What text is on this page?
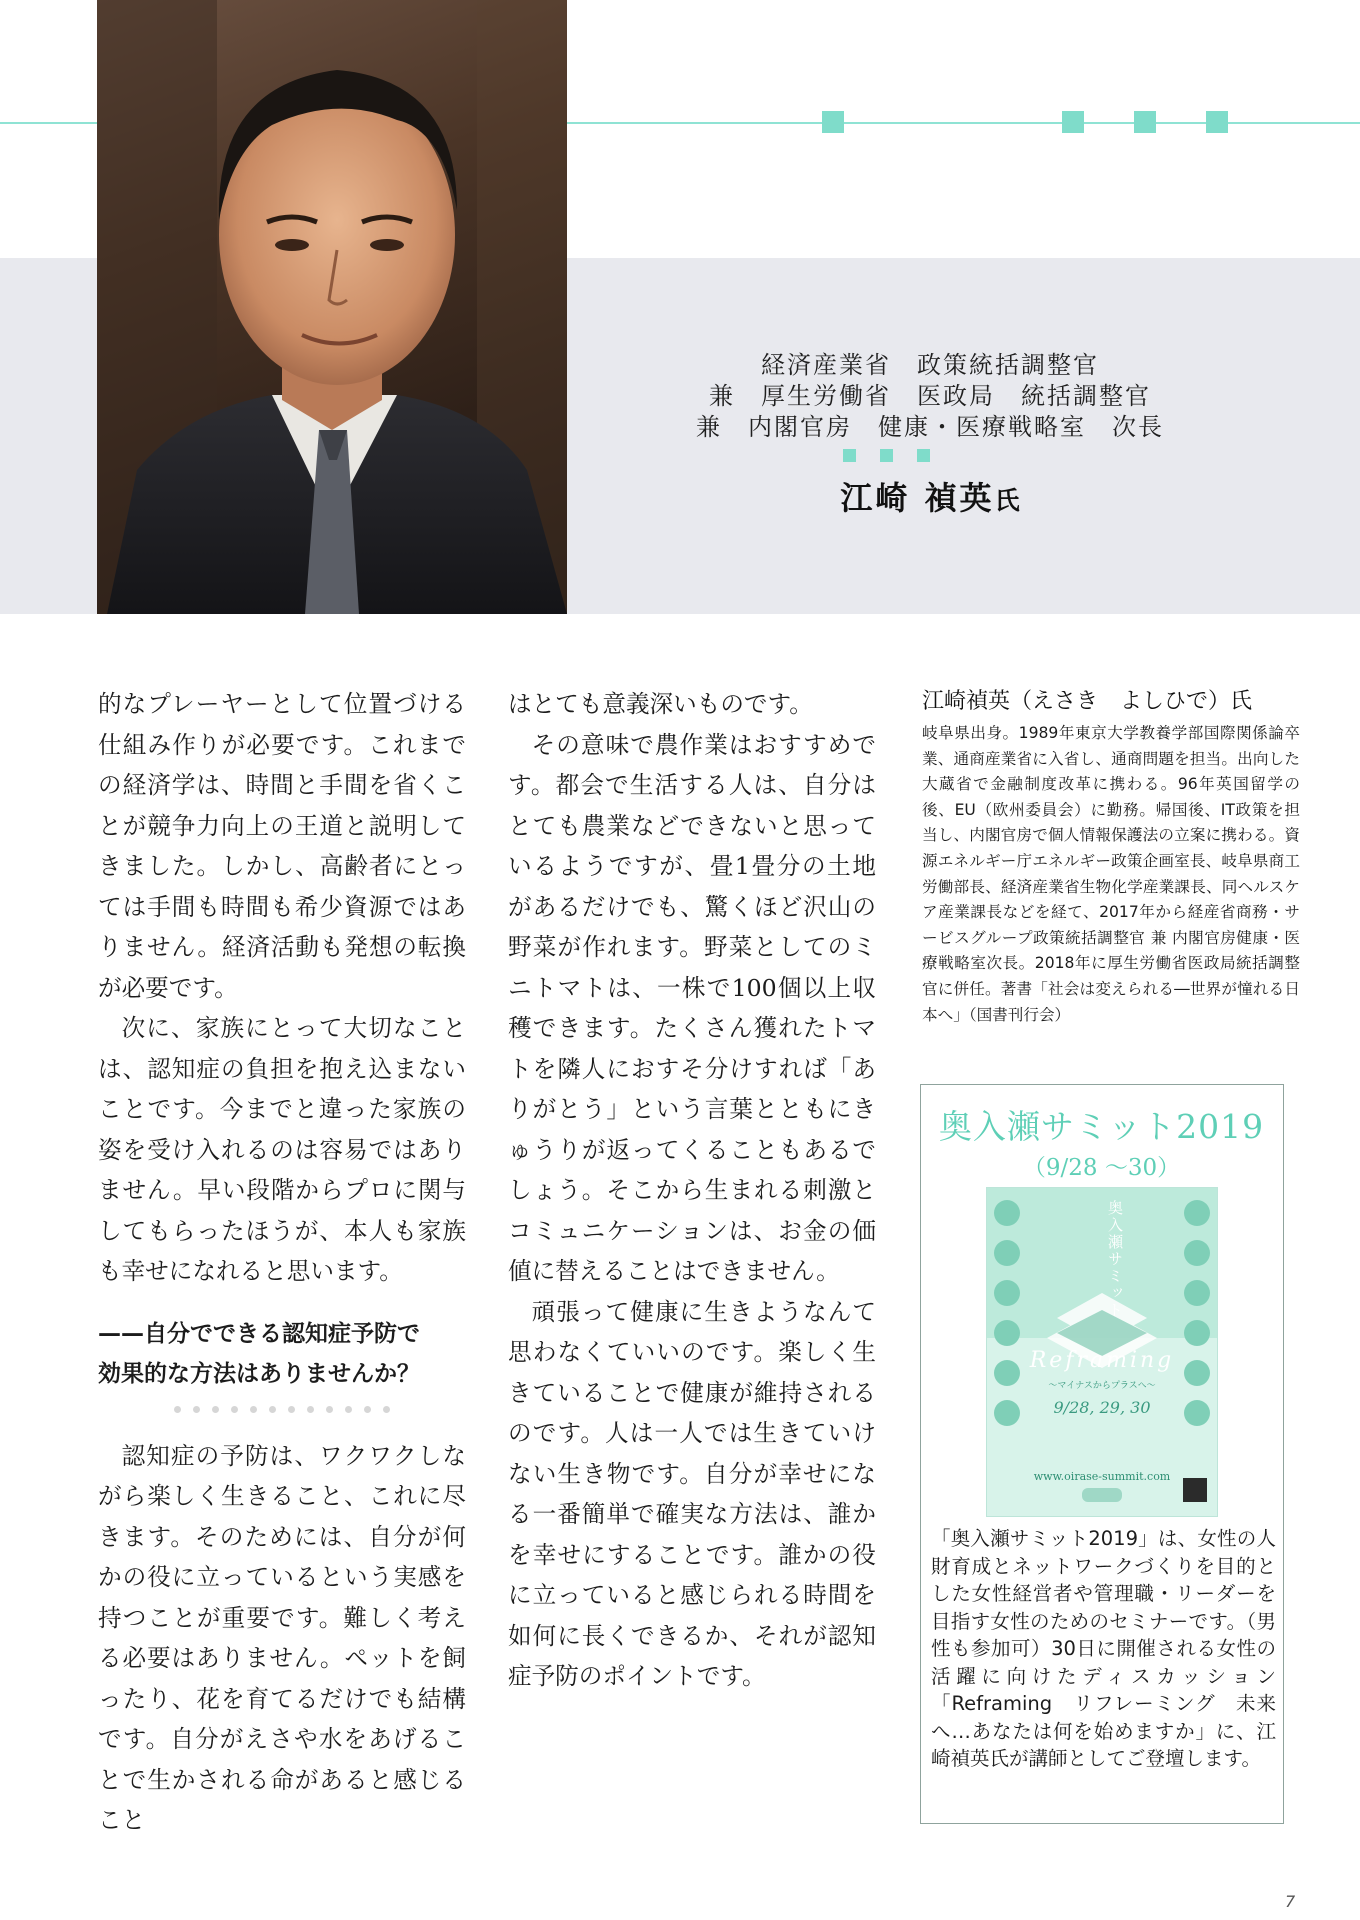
経済産業省　政策統括調整官
兼　厚生労働省　医政局　統括調整官
兼　内閣官房　健康・医療戦略室　次長
江崎 禎英氏

的なプレーヤーとして位置づける仕組み作りが必要です。これまでの経済学は、時間と手間を省くことが競争力向上の王道と説明してきました。しかし、高齢者にとっては手間も時間も希少資源ではありません。経済活動も発想の転換が必要です。

次に、家族にとって大切なことは、認知症の負担を抱え込まないことです。今までと違った家族の姿を受け入れるのは容易ではありません。早い段階からプロに関与してもらったほうが、本人も家族も幸せになれると思います。

——自分でできる認知症予防で
効果的な方法はありませんか？

認知症の予防は、ワクワクしながら楽しく生きること、これに尽きます。そのためには、自分が何かの役に立っているという実感を持つことが重要です。難しく考える必要はありません。ペットを飼ったり、花を育てるだけでも結構です。自分がえさや水をあげることで生かされる命があると感じること

はとても意義深いものです。

その意味で農作業はおすすめです。都会で生活する人は、自分はとても農業などできないと思っているようですが、畳1畳分の土地があるだけでも、驚くほど沢山の野菜が作れます。野菜としてのミニトマトは、一株で100個以上収穫できます。たくさん獲れたトマトを隣人におすそ分けすれば「ありがとう」という言葉とともにきゅうりが返ってくることもあるでしょう。そこから生まれる刺激とコミュニケーションは、お金の価値に替えることはできません。

頑張って健康に生きようなんて思わなくていいのです。楽しく生きていることで健康が維持されるのです。人は一人では生きていけない生き物です。自分が幸せになる一番簡単で確実な方法は、誰かを幸せにすることです。誰かの役に立っていると感じられる時間を如何に長くできるか、それが認知症予防のポイントです。

江崎禎英（えさき　よしひで）氏

岐阜県出身。1989年東京大学教養学部国際関係論卒業、通商産業省に入省し、通商問題を担当。出向した大蔵省で金融制度改革に携わる。96年英国留学の後、EU（欧州委員会）に勤務。帰国後、IT政策を担当し、内閣官房で個人情報保護法の立案に携わる。資源エネルギー庁エネルギー政策企画室長、岐阜県商工労働部長、経済産業省生物化学産業課長、同ヘルスケア産業課長などを経て、2017年から経産省商務・サービスグループ政策統括調整官 兼 内閣官房健康・医療戦略室次長。2018年に厚生労働省医政局統括調整官に併任。著書「社会は変えられる―世界が憧れる日本へ」（国書刊行会）

奥入瀬サミット2019
（9/28 ～30）
奥入瀬サミット
Reframing
〜マイナスからプラスへ〜
9/28, 29, 30
www.oirase-summit.com

「奥入瀬サミット2019」は、女性の人財育成とネットワークづくりを目的とした女性経営者や管理職・リーダーを目指す女性のためのセミナーです。（男性も参加可）30日に開催される女性の活躍に向けたディスカッション「Reframing　リフレーミング　未来へ…あなたは何を始めますか」に、江崎禎英氏が講師としてご登壇します。

7
